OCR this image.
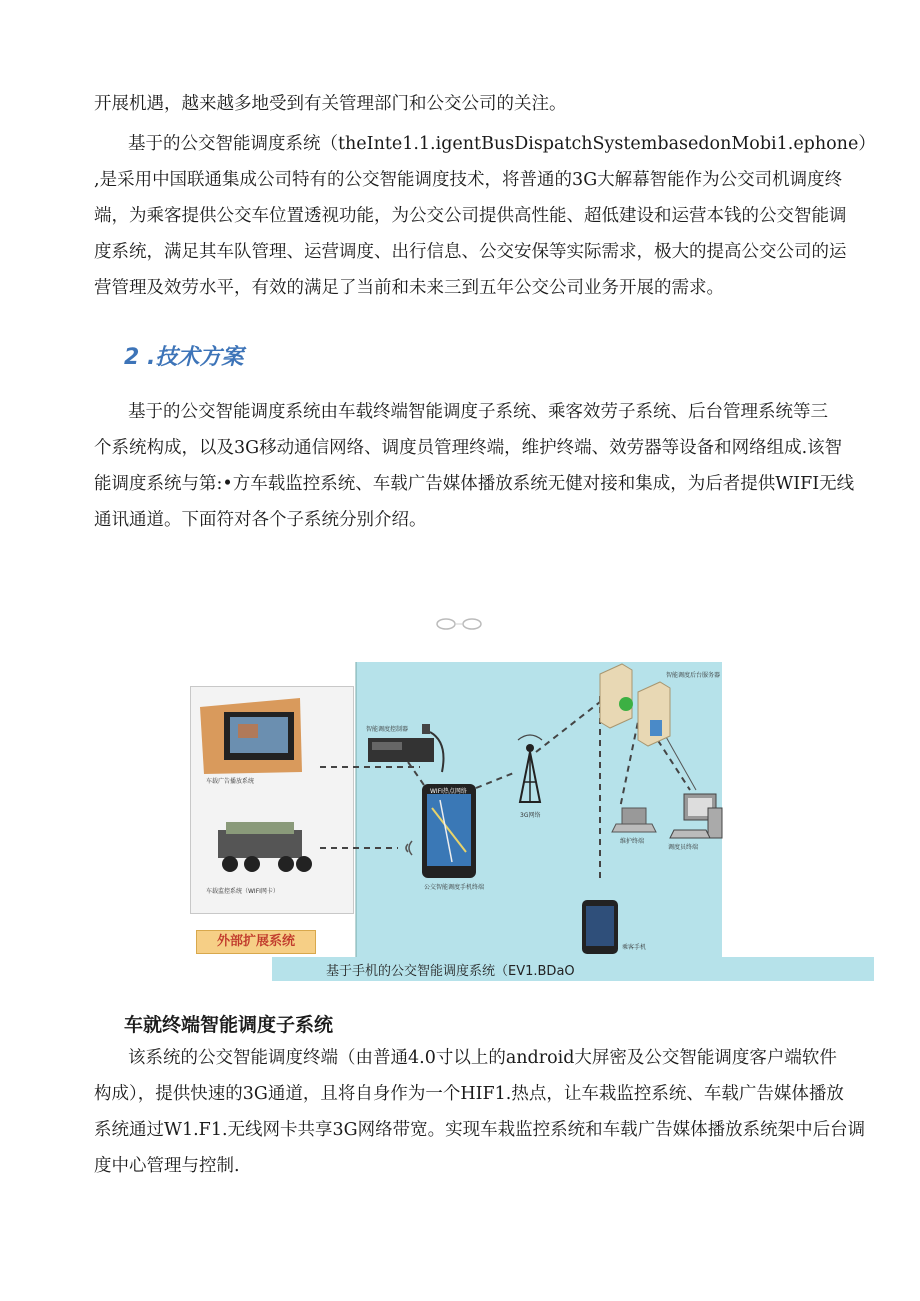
开展机遇，越来越多地受到有关管理部门和公交公司的关注。
基于的公交智能调度系统（theInte1.1.igentBusDispatchSystembasedonMobi1.ephone）
,是采用中国联通集成公司特有的公交智能调度技术，将普通的3G大解幕智能作为公交司机调度终
端，为乘客提供公交车位置透视功能，为公交公司提供高性能、超低建设和运营本钱的公交智能调
度系统，满足其车队管理、运营调度、出行信息、公交安保等实际需求，极大的提高公交公司的运
营管理及效劳水平，有效的满足了当前和未来三到五年公交公司业务开展的需求。
2 .技术方案
基于的公交智能调度系统由车载终端智能调度子系统、乘客效劳子系统、后台管理系统等三
个系统构成，以及3G移动通信网络、调度员管理终端，维护终端、效劳器等设备和网络组成.该智
能调度系统与第:•方车载监控系统、车载广告媒体播放系统无健对接和集成，为后者提供WIFI无线
通讯通道。下面符对各个子系统分别介绍。
智能调度后台服务器
智能调度控制器
车载广告播放系统
车载监控系统（WIFI网卡）
WIFI热点网络
3G网络
公交智能调度手机终端
维护终端
调度员终端
乘客手机
外部扩展系统
基于手机的公交智能调度系统（EV1.BDaO
车就终端智能调度子系统
该系统的公交智能调度终端（由普通4.0寸以上的android大屏密及公交智能调度客户端软件
构成），提供快速的3G通道，且将自身作为一个HIF1.热点，让车栽监控系统、车载广告媒体播放
系统通过W1.F1.无线网卡共享3G网络带宽。实现车栽监控系统和车载广告媒体播放系统架中后台调
度中心管理与控制.
